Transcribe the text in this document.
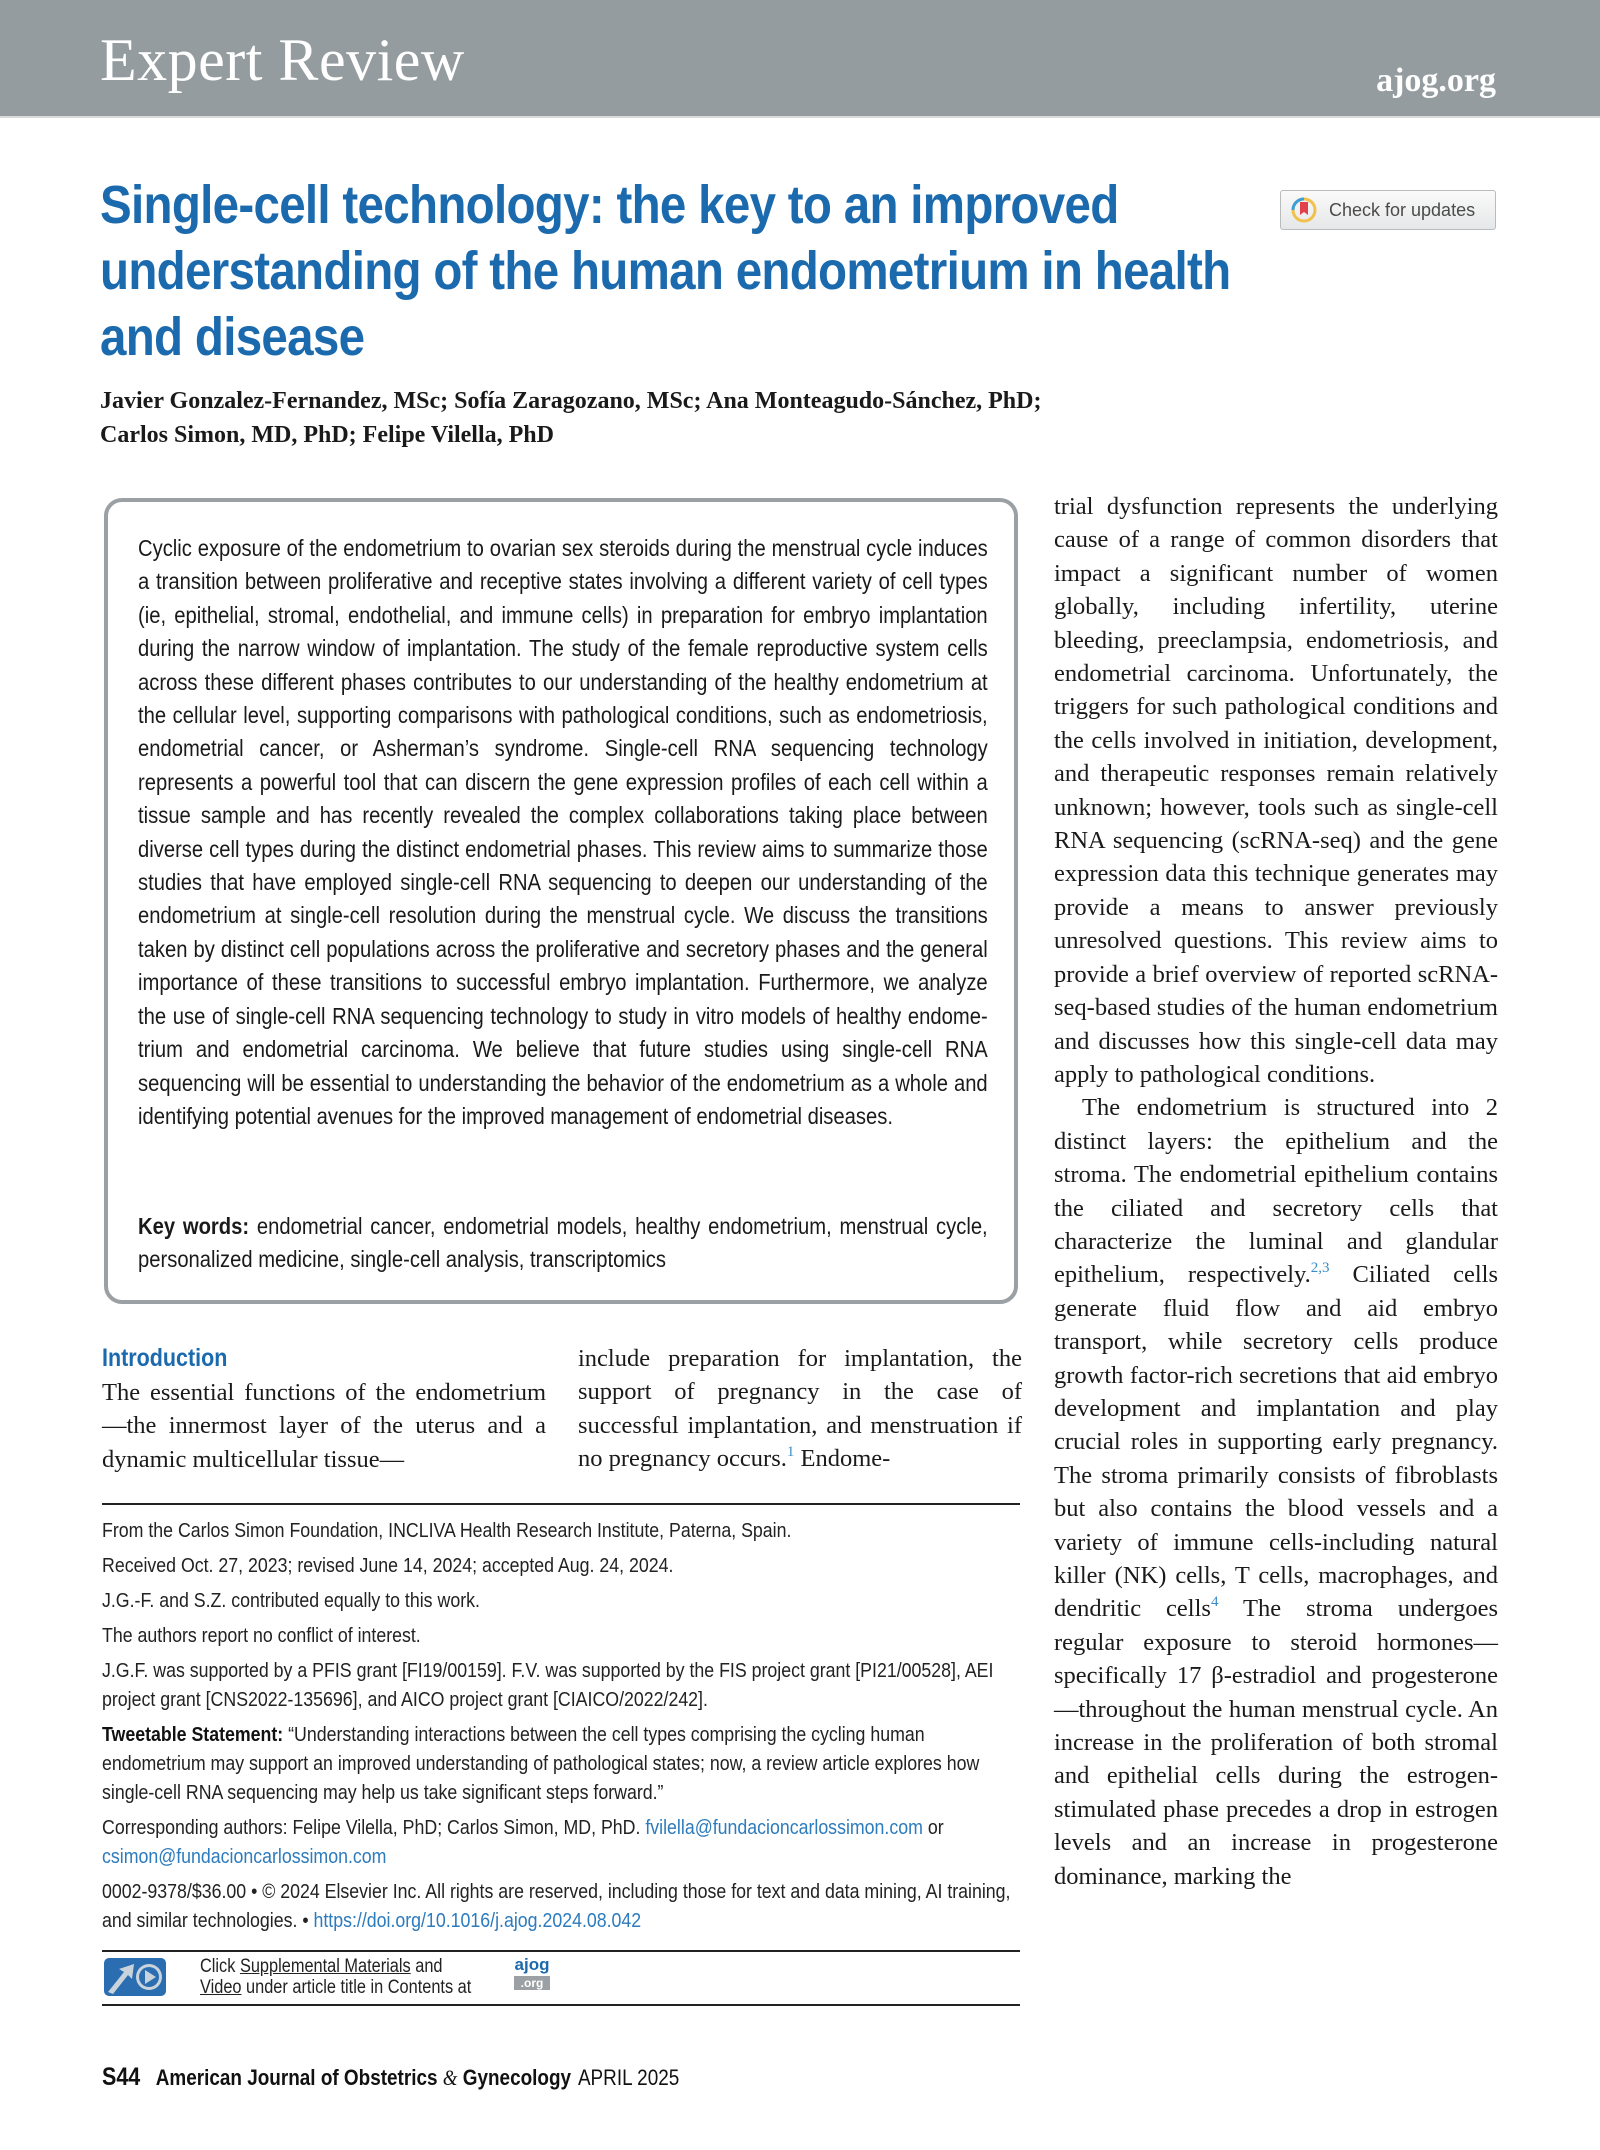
Expert Review	ajog.org
Check for updates
Single-cell technology: the key to an improved understanding of the human endometrium in health and disease
Javier Gonzalez-Fernandez, MSc; Sofía Zaragozano, MSc; Ana Monteagudo-Sánchez, PhD;
Carlos Simon, MD, PhD; Felipe Vilella, PhD
Cyclic exposure of the endometrium to ovarian sex steroids during the menstrual cycle induces a transition between proliferative and receptive states involving a different variety of cell types (ie, epithelial, stromal, endothelial, and immune cells) in preparation for embryo implantation during the narrow window of implantation. The study of the female reproductive system cells across these different phases contributes to our understanding of the healthy endometrium at the cellular level, supporting comparisons with pathological conditions, such as endometriosis, endometrial cancer, or Asherman’s syndrome. Single-cell RNA sequencing technology represents a powerful tool that can discern the gene expression profiles of each cell within a tissue sample and has recently revealed the complex collaborations taking place between diverse cell types during the distinct endometrial phases. This review aims to summarize those studies that have employed single-cell RNA sequencing to deepen our understanding of the endometrium at single-cell resolution during the menstrual cycle. We discuss the transitions taken by distinct cell populations across the proliferative and secretory phases and the general importance of these transitions to successful embryo implantation. Furthermore, we analyze the use of single-cell RNA sequencing technology to study in vitro models of healthy endometrium and endometrial carcinoma. We believe that future studies using single-cell RNA sequencing will be essential to understanding the behavior of the endometrium as a whole and identifying potential avenues for the improved management of endometrial diseases.
Key words: endometrial cancer, endometrial models, healthy endometrium, menstrual cycle, personalized medicine, single-cell analysis, transcriptomics

trial dysfunction represents the underlying cause of a range of common disorders that impact a significant number of women globally, including infertility, uterine bleeding, preeclampsia, endometriosis, and endometrial carcinoma. Unfortunately, the triggers for such pathological conditions and the cells involved in initiation, development, and therapeutic responses remain relatively unknown; however, tools such as single-cell RNA sequencing (scRNA-seq) and the gene expression data this technique generates may provide a means to answer previously unresolved questions. This review aims to provide a brief overview of reported scRNA-seq-based studies of the human endometrium and discusses how this single-cell data may apply to pathological conditions.

The endometrium is structured into 2 distinct layers: the epithelium and the stroma. The endometrial epithelium contains the ciliated and secretory cells that characterize the luminal and glandular epithelium, respectively.$^{2,3}$ Ciliated cells generate fluid flow and aid embryo transport, while secretory cells produce growth factor-rich secretions that aid embryo development and implantation and play crucial roles in supporting early pregnancy. The stroma primarily consists of fibroblasts but also contains the blood vessels and a variety of immune cells-including natural killer (NK) cells, T cells, macrophages, and dendritic cells$^4$ The stroma undergoes regular exposure to steroid hormones—specifically 17 β-estradiol and progesterone—throughout the human menstrual cycle. An increase in the proliferation of both stromal and epithelial cells during the estrogen-stimulated phase precedes a drop in estrogen levels and an increase in progesterone dominance, marking the

Introduction

The essential functions of the endometrium—the innermost layer of the uterus and a dynamic multicellular tissue—

include preparation for implantation, the support of pregnancy in the case of successful implantation, and menstruation if no pregnancy occurs.$^1$ Endome-

From the Carlos Simon Foundation, INCLIVA Health Research Institute, Paterna, Spain.

Received Oct. 27, 2023; revised June 14, 2024; accepted Aug. 24, 2024.

J.G.-F. and S.Z. contributed equally to this work.

The authors report no conflict of interest.

J.G.F. was supported by a PFIS grant [FI19/00159]. F.V. was supported by the FIS project grant [PI21/00528], AEI project grant [CNS2022-135696], and AICO project grant [CIAICO/2022/242].

Tweetable Statement: “Understanding interactions between the cell types comprising the cycling human endometrium may support an improved understanding of pathological states; now, a review article explores how single-cell RNA sequencing may help us take significant steps forward.”

Corresponding authors: Felipe Vilella, PhD; Carlos Simon, MD, PhD. fvilella@fundacioncarlossimon.com or csimon@fundacioncarlossimon.com

0002-9378/$36.00 • © 2024 Elsevier Inc. All rights are reserved, including those for text and data mining, AI training, and similar technologies. • https://doi.org/10.1016/j.ajog.2024.08.042

Click Supplemental Materials and
Video under article title in Contents at
ajog
.org
S44 American Journal of Obstetrics & Gynecology APRIL 2025
